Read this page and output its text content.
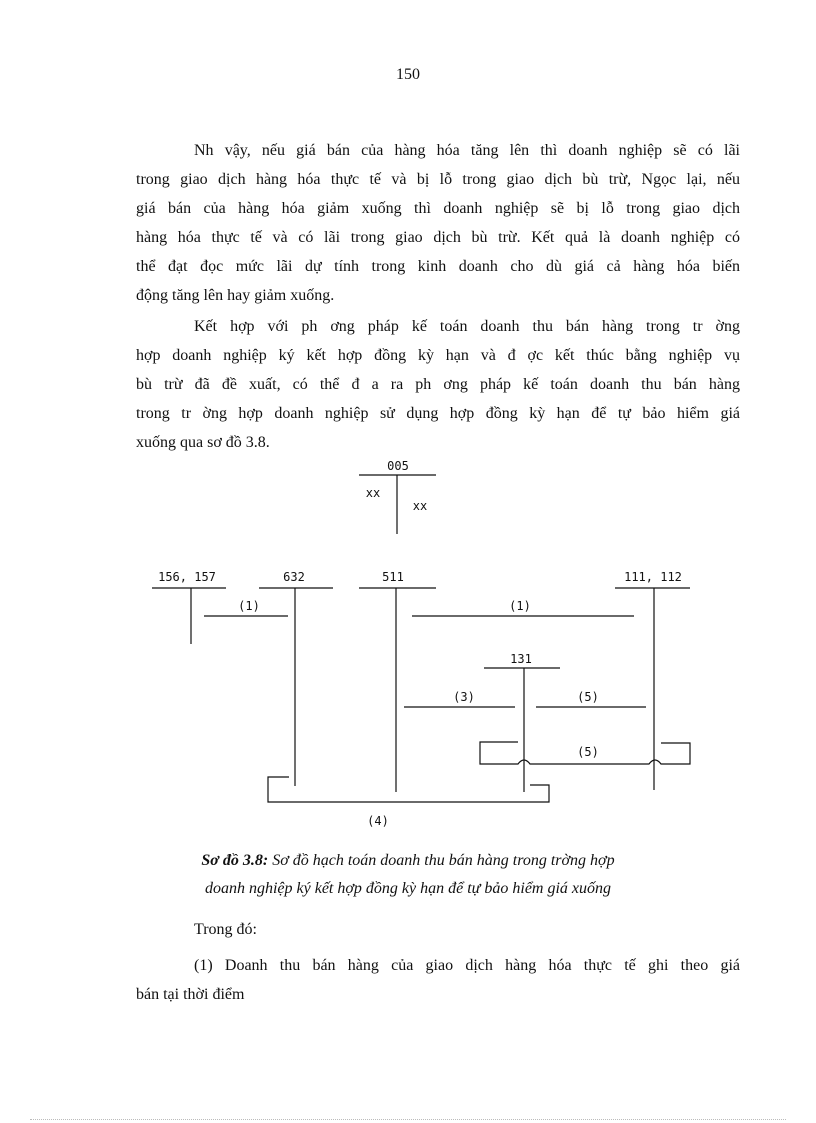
150
Nh vậy, nếu giá bán của hàng hóa tăng lên thì doanh nghiệp sẽ có lãi
trong giao dịch hàng hóa thực tế và bị lỗ trong giao dịch bù trừ, Ngọc lại, nếu
giá bán của hàng hóa giảm xuống thì doanh nghiệp sẽ bị lỗ trong giao dịch
hàng hóa thực tế và có lãi trong giao dịch bù trừ. Kết quả là doanh nghiệp có
thể đạt đọc mức lãi dự tính trong kinh doanh cho dù giá cả hàng hóa biến
động tăng lên hay giảm xuống.
Kết hợp với ph ơng pháp kế toán doanh thu bán hàng trong tr ờng
hợp doanh nghiệp ký kết hợp đồng kỳ hạn và đ ợc kết thúc bằng nghiệp vụ
bù trừ đã đề xuất, có thể đ a ra ph ơng pháp kế toán doanh thu bán hàng
trong tr ờng hợp doanh nghiệp sử dụng hợp đồng kỳ hạn để tự bảo hiểm giá
xuống qua sơ đồ 3.8.
005
xx
xx
156, 157	632	511	111, 112
131
(1)	(1)
(3)	(5)
(5)
(4)
Sơ đồ 3.8: Sơ đồ hạch toán doanh thu bán hàng trong trờng hợp
doanh nghiệp ký kết hợp đồng kỳ hạn để tự bảo hiểm giá xuống
Trong đó:
(1) Doanh thu bán hàng của giao dịch hàng hóa thực tế ghi theo giá
bán tại thời điểm
